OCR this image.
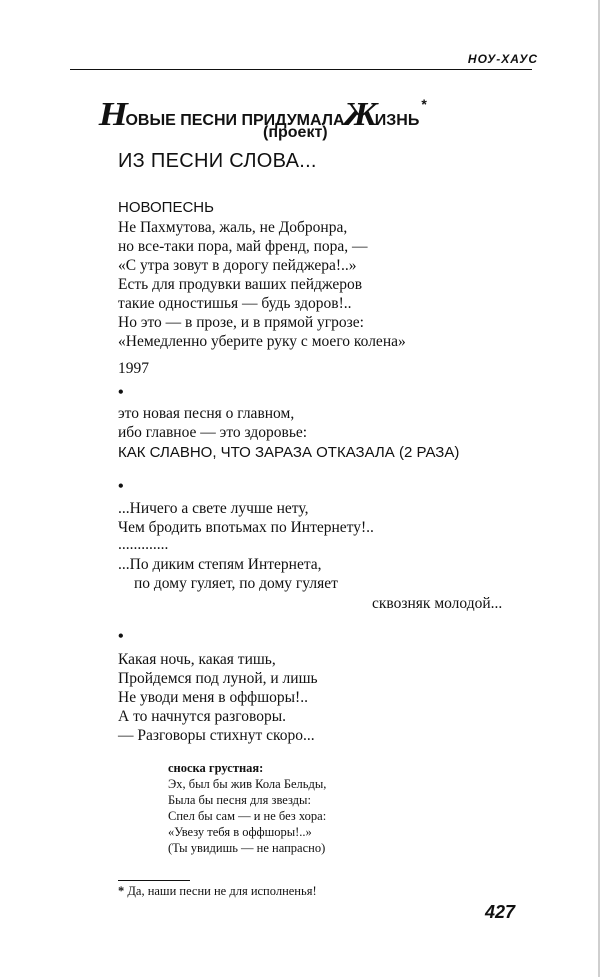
НОУ-ХАУС
НОВЫЕ ПЕСНИ ПРИДУМАЛАЖИЗНЬ*
(проект)
ИЗ ПЕСНИ СЛОВА...
НОВОПЕСНЬ
Не Пахмутова, жаль, не Добронра,
но все-таки пора, май френд, пора, —
«С утра зовут в дорогу пейджера!..»
Есть для продувки ваших пейджеров
такие одностишья — будь здоров!..
Но это — в прозе, и в прямой угрозе:
«Немедленно уберите руку с моего колена»
1997
•
это новая песня о главном,
ибо главное — это здоровье:
КАК СЛАВНО, ЧТО ЗАРАЗА ОТКАЗАЛА (2 РАЗА)
•
...Ничего а свете лучше нету,
Чем бродить впотьмах по Интернету!..
.............
...По диким степям Интернета,
по дому гуляет, по дому гуляет
сквозняк молодой...
•
Какая ночь, какая тишь,
Пройдемся под луной, и лишь
Не уводи меня в оффшоры!..
А то начнутся разговоры.
— Разговоры стихнут скоро...
сноска грустная:
Эх, был бы жив Кола Бельды,
Была бы песня для звезды:
Спел бы сам — и не без хора:
«Увезу тебя в оффшоры!..»
(Ты увидишь — не напрасно)
* Да, наши песни не для исполненья!
427
